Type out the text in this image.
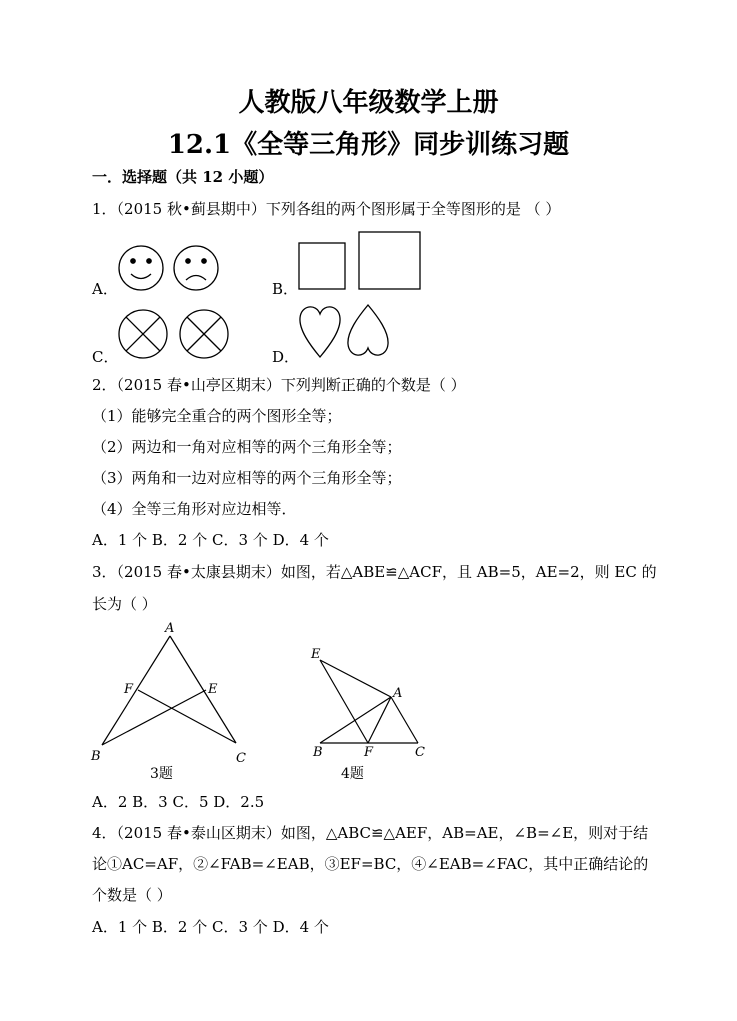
人教版八年级数学上册
12.1《全等三角形》同步训练习题
一．选择题（共 12 小题）
1．（2015 秋•蓟县期中）下列各组的两个图形属于全等图形的是 （ ）
A．	B．
C．	D．
A
F	E
B	C
3题
E
A
B	F	C
4题
2．（2015 春•山亭区期末）下列判断正确的个数是（ ）
（1）能够完全重合的两个图形全等；
（2）两边和一角对应相等的两个三角形全等；
（3）两角和一边对应相等的两个三角形全等；
（4）全等三角形对应边相等．
A．1 个 B．2 个 C．3 个 D．4 个
3．（2015 春•太康县期末）如图，若△ABE≌△ACF，且 AB=5，AE=2，则 EC 的
长为（ ）
A．2 B．3 C．5 D．2.5
4．（2015 春•泰山区期末）如图，△ABC≌△AEF，AB=AE，∠B=∠E，则对于结
论①AC=AF，②∠FAB=∠EAB，③EF=BC，④∠EAB=∠FAC，其中正确结论的
个数是（ ）
A．1 个 B．2 个 C．3 个 D．4 个
